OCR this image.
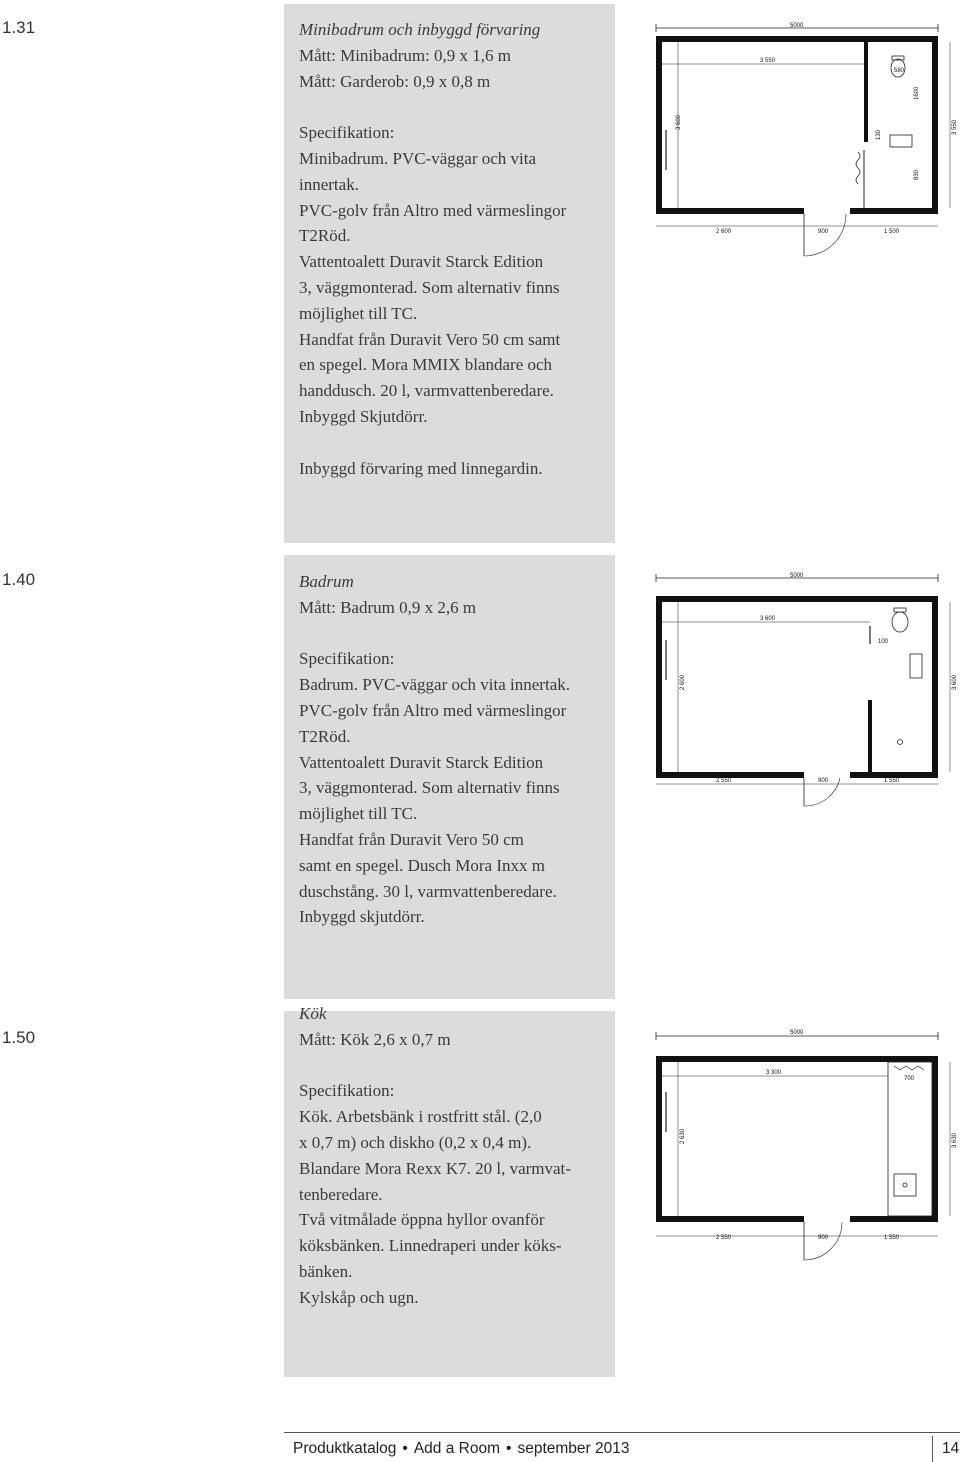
1.31	Minibadrum och inbyggd förvaring
Mått: Minibadrum: 0,9 x 1,6 m
Mått: Garderob: 0,9 x 0,8 m
Specifikation:
Minibadrum. PVC-väggar och vita
innertak.
PVC-golv från Altro med värmeslingor
T2Röd.
Vattentoalett Duravit Starck Edition
3, väggmonterad. Som alternativ finns
möjlighet till TC.
Handfat från Duravit Vero 50 cm samt
en spegel. Mora MMIX blandare och
handdusch. 20 l, varmvattenberedare.
Inbyggd Skjutdörr.
Inbyggd förvaring med linnegardin.
5000
3 600	3 550
3 550
1600
130
830
580
2 600	900	1 500
1.40	Badrum
Mått: Badrum 0,9 x 2,6 m
Specifikation:
Badrum. PVC-väggar och vita innertak.
PVC-golv från Altro med värmeslingor
T2Röd.
Vattentoalett Duravit Starck Edition
3, väggmonterad. Som alternativ finns
möjlighet till TC.
Handfat från Duravit Vero 50 cm
samt en spegel. Dusch Mora Inxx m
duschstång. 30 l, varmvattenberedare.
Inbyggd skjutdörr.
5000
2 600	3 600
3 600
100
2 550	900	1 550
1.50
Kök
Mått: Kök 2,6 x 0,7 m
Specifikation:
Kök. Arbetsbänk i rostfritt stål. (2,0
x 0,7 m) och diskho (0,2 x 0,4 m).
Blandare Mora Rexx K7. 20 l, varmvat-
tenberedare.
Två vitmålade öppna hyllor ovanför
köksbänken. Linnedraperi under köks-
bänken.
Kylskåp och ugn.
5000
2 630	3 630
3 300
700
2 550	900	1 550
Produktkatalog • Add a Room • september 2013	14
